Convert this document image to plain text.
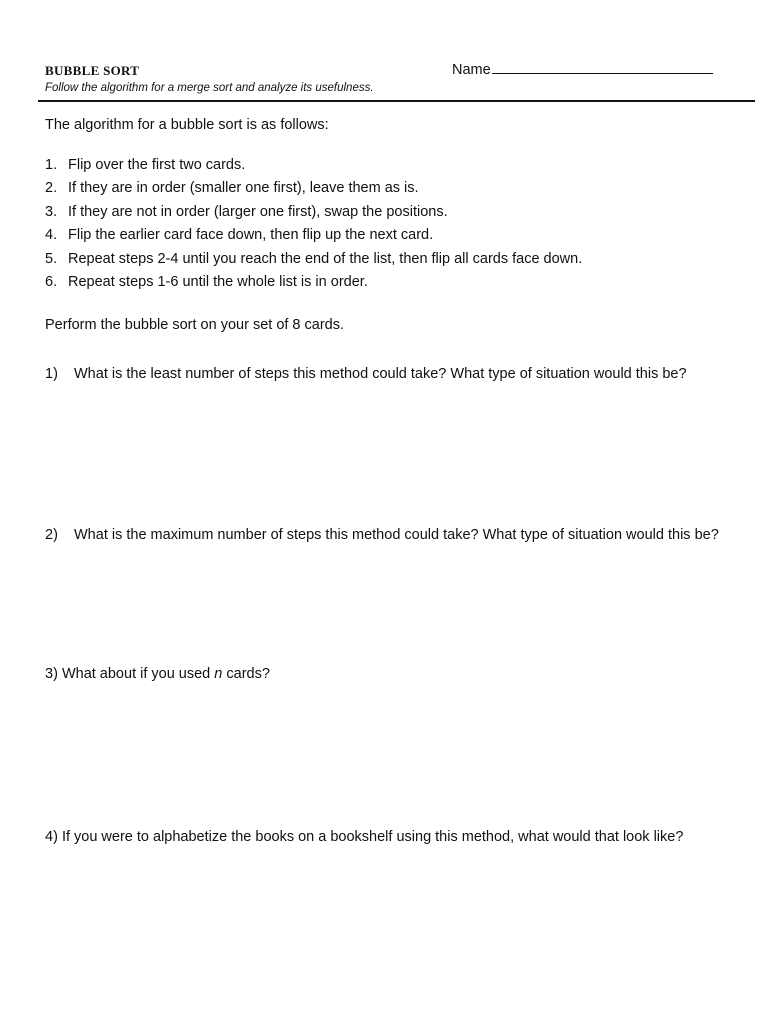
BUBBLE SORT

Follow the algorithm for a merge sort and analyze its usefulness.

Name

The algorithm for a bubble sort is as follows:

1. Flip over the first two cards.
2. If they are in order (smaller one first), leave them as is.
3. If they are not in order (larger one first), swap the positions.
4. Flip the earlier card face down, then flip up the next card.
5. Repeat steps 2-4 until you reach the end of the list, then flip all cards face down.
6. Repeat steps 1-6 until the whole list is in order.

Perform the bubble sort on your set of 8 cards.

1)	What is the least number of steps this method could take? What type of situation would this be?
2)	What is the maximum number of steps this method could take? What type of situation would this be?

3) What about if you used n cards?

4) If you were to alphabetize the books on a bookshelf using this method, what would that look like?
